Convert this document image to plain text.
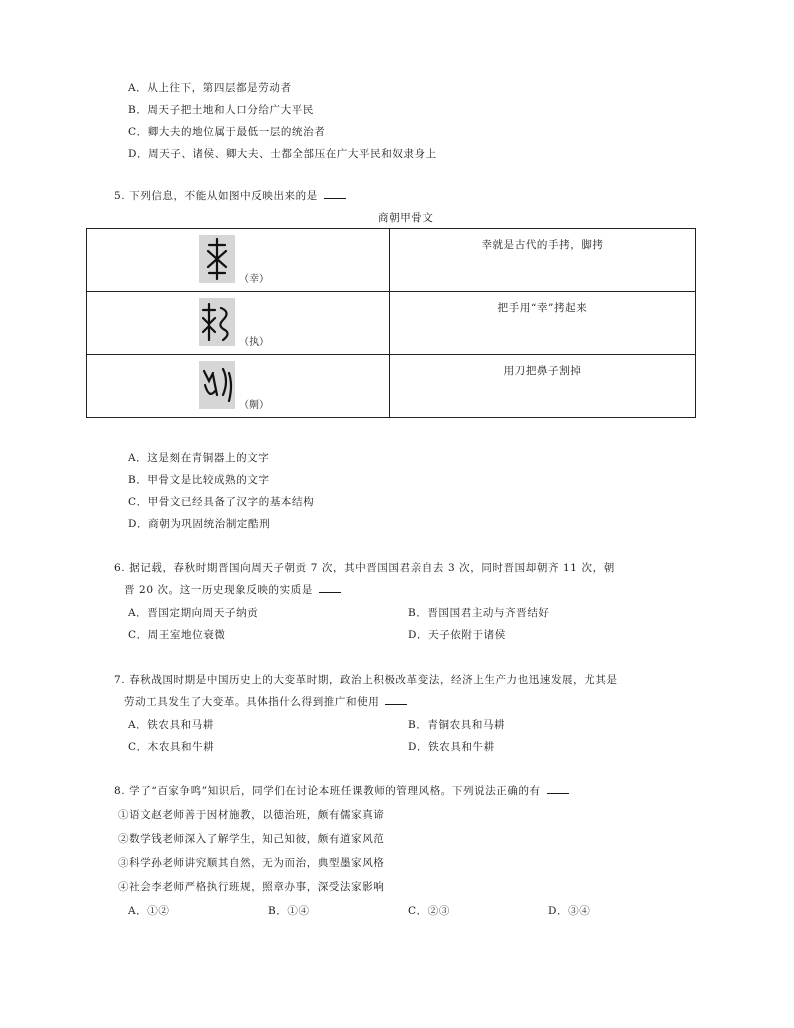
A．从上往下，第四层都是劳动者
B．周天子把土地和人口分给广大平民
C．卿大夫的地位属于最低一层的统治者
D．周天子、诸侯、卿大夫、士都全部压在广大平民和奴隶身上
5. 下列信息，不能从如图中反映出来的是
商朝甲骨文
（幸）	幸就是古代的手拷，脚拷

（执）	把手用“幸”拷起来

（劓）	用刀把鼻子割掉
A．这是刻在青铜器上的文字
B．甲骨文是比较成熟的文字
C．甲骨文已经具备了汉字的基本结构
D．商朝为巩固统治制定酷刑
6. 据记载，春秋时期晋国向周天子朝贡 7 次，其中晋国国君亲自去 3 次，同时晋国却朝齐 11 次，朝
晋 20 次。这一历史现象反映的实质是
A．晋国定期向周天子纳贡	B．晋国国君主动与齐晋结好
C．周王室地位衰微	D．天子依附于诸侯
7. 春秋战国时期是中国历史上的大变革时期，政治上积极改革变法，经济上生产力也迅速发展，尤其是
劳动工具发生了大变革。具体指什么得到推广和使用
A．铁农具和马耕	B．青铜农具和马耕
C．木农具和牛耕	D．铁农具和牛耕
8. 学了“百家争鸣”知识后，同学们在讨论本班任课教师的管理风格。下列说法正确的有
①语文赵老师善于因材施教，以德治班，颇有儒家真谛
②数学钱老师深入了解学生，知己知彼，颇有道家风范
③科学孙老师讲究顺其自然，无为而治，典型墨家风格
④社会李老师严格执行班规，照章办事，深受法家影响
A．①②	B．①④	C．②③	D．③④
